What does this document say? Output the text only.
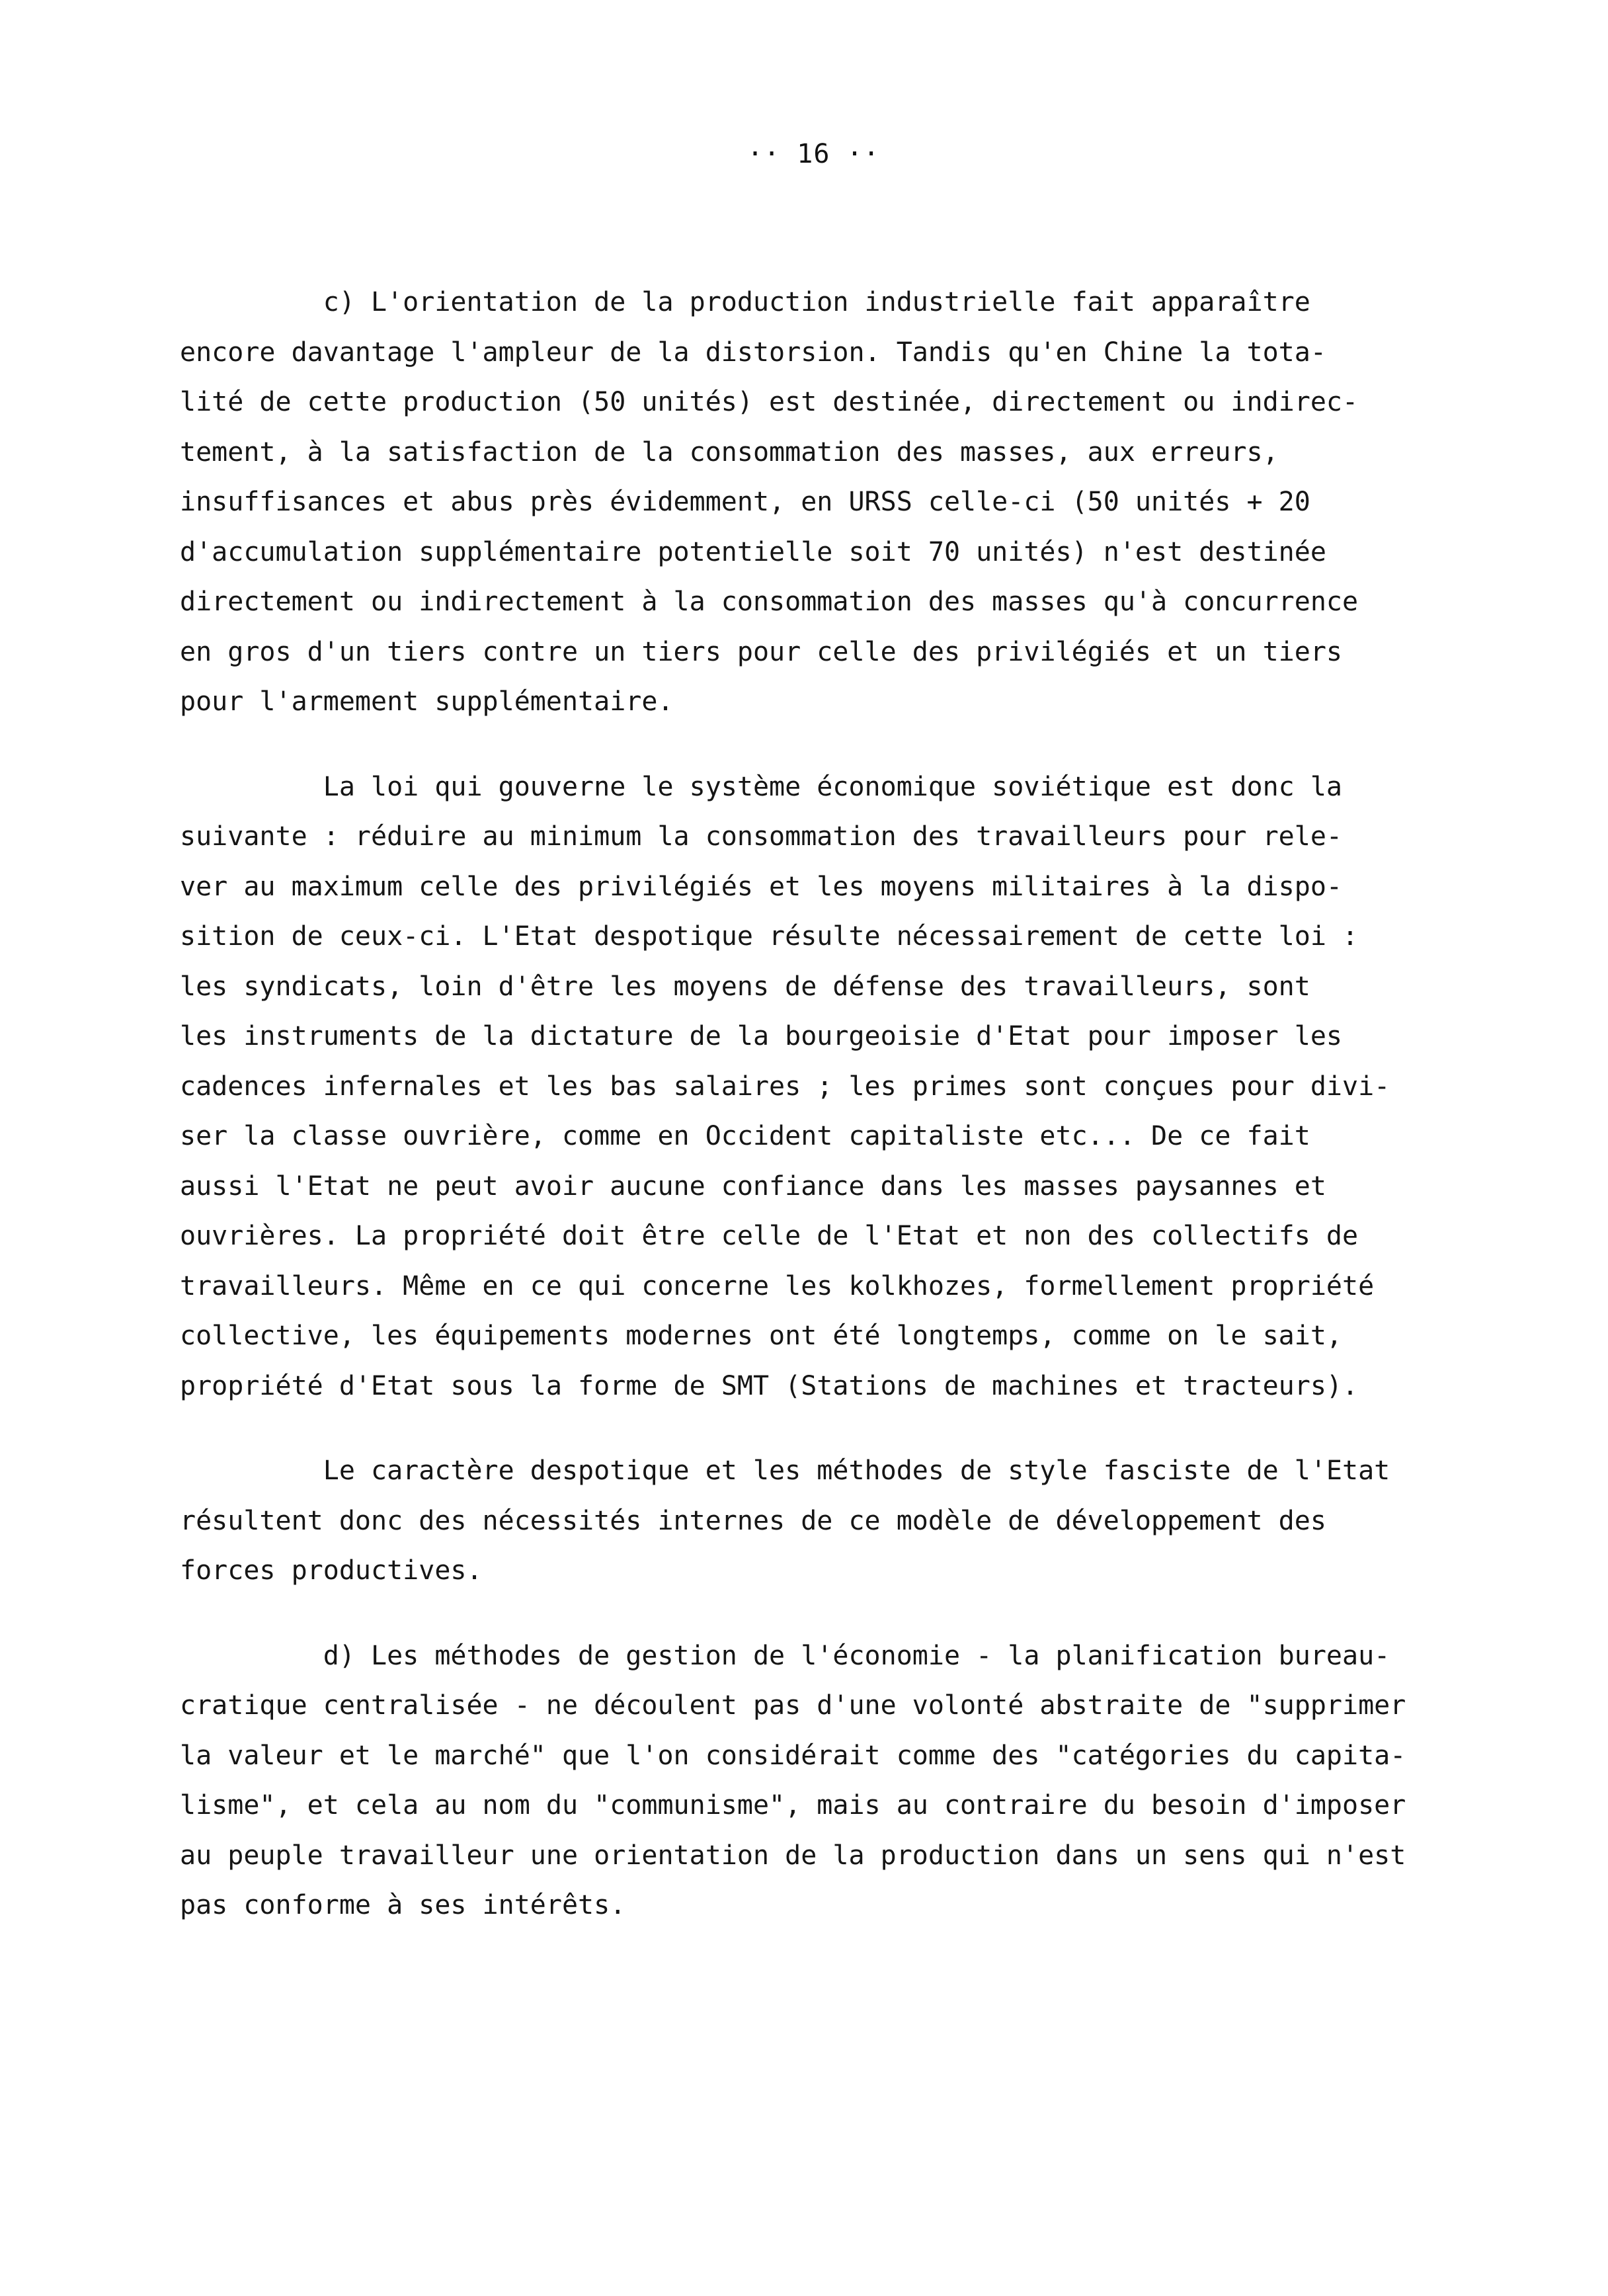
·· 16 ··
c) L'orientation de la production industrielle fait apparaître
encore davantage l'ampleur de la distorsion. Tandis qu'en Chine la tota-
lité de cette production (50 unités) est destinée, directement ou indirec-
tement, à la satisfaction de la consommation des masses, aux erreurs,
insuffisances et abus près évidemment, en URSS celle-ci (50 unités + 20
d'accumulation supplémentaire potentielle soit 70 unités) n'est destinée
directement ou indirectement à la consommation des masses qu'à concurrence
en gros d'un tiers contre un tiers pour celle des privilégiés et un tiers
pour l'armement supplémentaire.
La loi qui gouverne le système économique soviétique est donc la
suivante : réduire au minimum la consommation des travailleurs pour rele-
ver au maximum celle des privilégiés et les moyens militaires à la dispo-
sition de ceux-ci. L'Etat despotique résulte nécessairement de cette loi :
les syndicats, loin d'être les moyens de défense des travailleurs, sont
les instruments de la dictature de la bourgeoisie d'Etat pour imposer les
cadences infernales et les bas salaires ; les primes sont conçues pour divi-
ser la classe ouvrière, comme en Occident capitaliste etc... De ce fait
aussi l'Etat ne peut avoir aucune confiance dans les masses paysannes et
ouvrières. La propriété doit être celle de l'Etat et non des collectifs de
travailleurs. Même en ce qui concerne les kolkhozes, formellement propriété
collective, les équipements modernes ont été longtemps, comme on le sait,
propriété d'Etat sous la forme de SMT (Stations de machines et tracteurs).
Le caractère despotique et les méthodes de style fasciste de l'Etat
résultent donc des nécessités internes de ce modèle de développement des
forces productives.
d) Les méthodes de gestion de l'économie - la planification bureau-
cratique centralisée - ne découlent pas d'une volonté abstraite de "supprimer
la valeur et le marché" que l'on considérait comme des "catégories du capita-
lisme", et cela au nom du "communisme", mais au contraire du besoin d'imposer
au peuple travailleur une orientation de la production dans un sens qui n'est
pas conforme à ses intérêts.
